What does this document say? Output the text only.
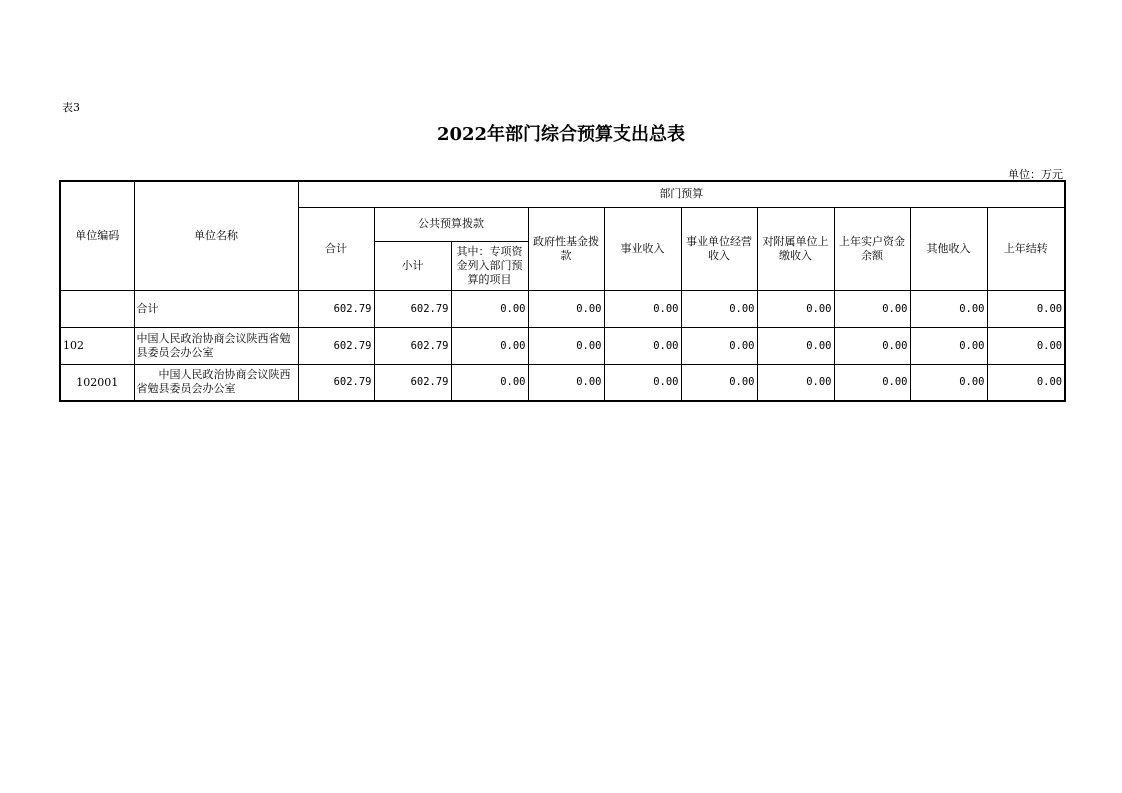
表3
2022年部门综合预算支出总表
单位：万元
单位编码	单位名称	部门预算									
		合计	公共预算拨款		政府性基金拨款	事业收入	事业单位经营收入	对附属单位上缴收入	上年实户资金余额	其他收入	上年结转
			小计	其中：专项资金列入部门预算的项目							
	合计	602.79	602.79	0.00	0.00	0.00	0.00	0.00	0.00	0.00	0.00
102	中国人民政治协商会议陕西省勉县委员会办公室	602.79	602.79	0.00	0.00	0.00	0.00	0.00	0.00	0.00	0.00
102001	中国人民政治协商会议陕西省勉县委员会办公室	602.79	602.79	0.00	0.00	0.00	0.00	0.00	0.00	0.00	0.00
